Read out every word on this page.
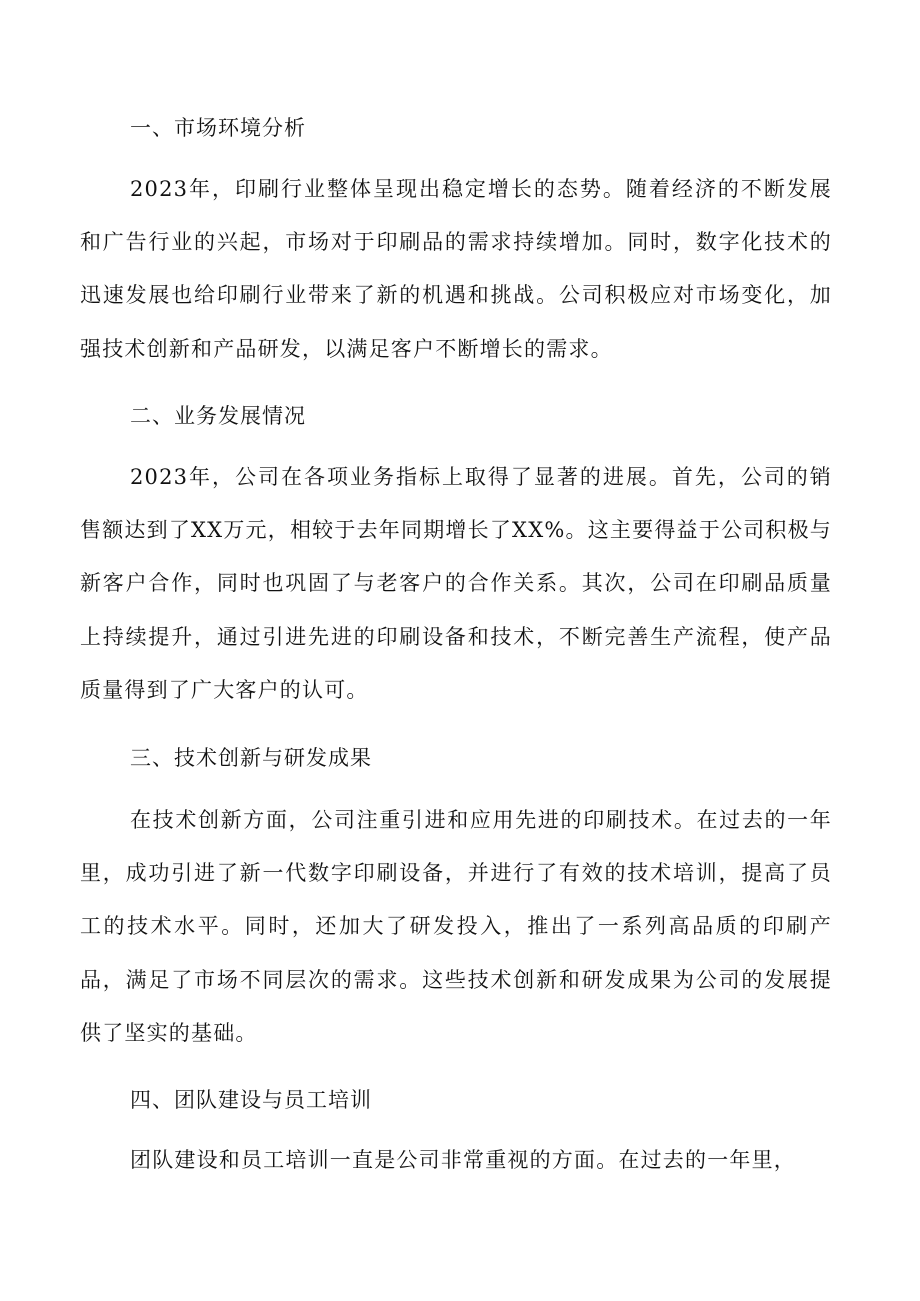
一、市场环境分析
2023年，印刷行业整体呈现出稳定增长的态势。随着经济的不断发展和广告行业的兴起，市场对于印刷品的需求持续增加。同时，数字化技术的迅速发展也给印刷行业带来了新的机遇和挑战。公司积极应对市场变化，加强技术创新和产品研发，以满足客户不断增长的需求。
二、业务发展情况
2023年，公司在各项业务指标上取得了显著的进展。首先，公司的销售额达到了XX万元，相较于去年同期增长了XX%。这主要得益于公司积极与新客户合作，同时也巩固了与老客户的合作关系。其次，公司在印刷品质量上持续提升，通过引进先进的印刷设备和技术，不断完善生产流程，使产品质量得到了广大客户的认可。
三、技术创新与研发成果
在技术创新方面，公司注重引进和应用先进的印刷技术。在过去的一年里，成功引进了新一代数字印刷设备，并进行了有效的技术培训，提高了员工的技术水平。同时，还加大了研发投入，推出了一系列高品质的印刷产品，满足了市场不同层次的需求。这些技术创新和研发成果为公司的发展提供了坚实的基础。
四、团队建设与员工培训
团队建设和员工培训一直是公司非常重视的方面。在过去的一年里，
